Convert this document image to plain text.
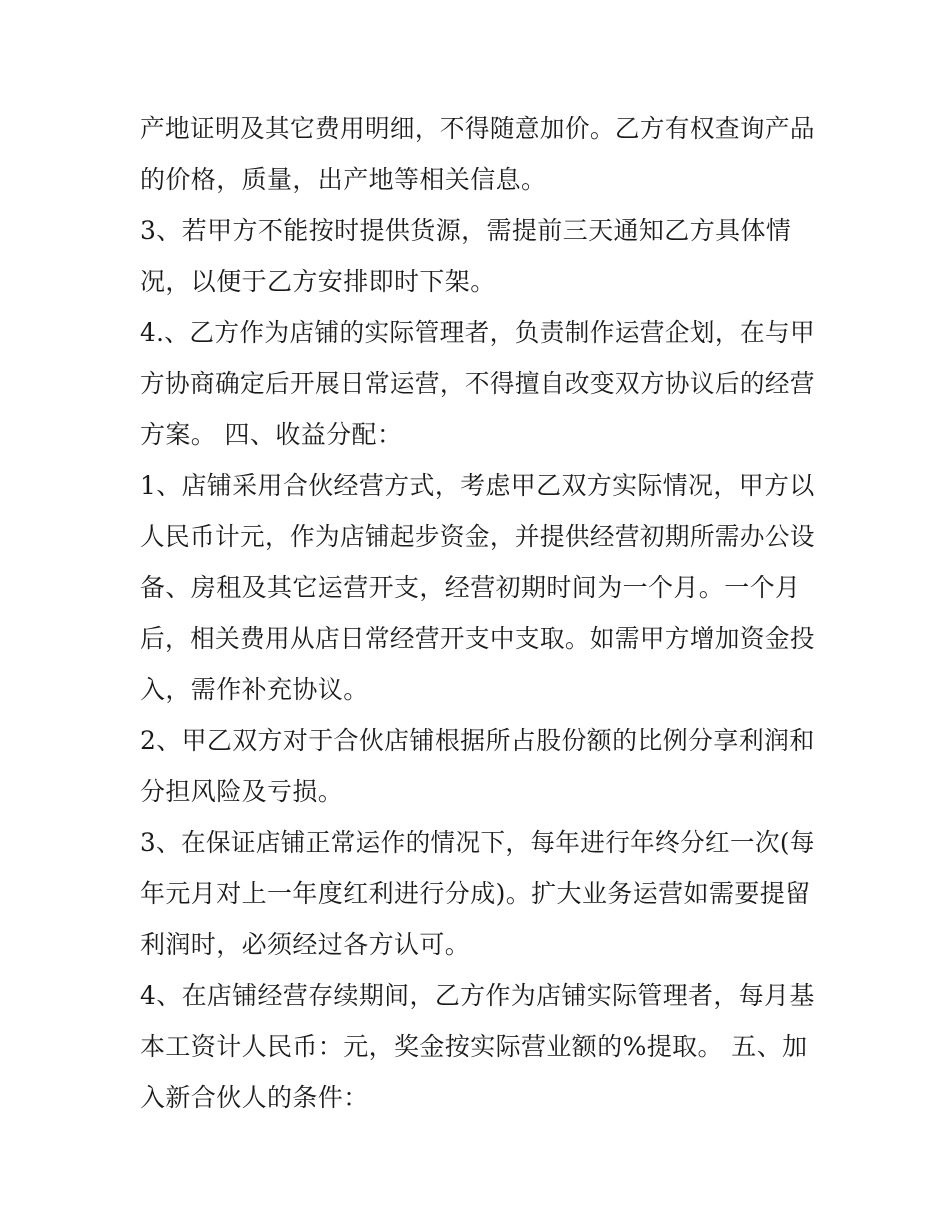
产地证明及其它费用明细，不得随意加价。乙方有权查询产品
的价格，质量，出产地等相关信息。
3、若甲方不能按时提供货源，需提前三天通知乙方具体情
况，以便于乙方安排即时下架。
4.、乙方作为店铺的实际管理者，负责制作运营企划，在与甲
方协商确定后开展日常运营，不得擅自改变双方协议后的经营
方案。 四、收益分配：
1、店铺采用合伙经营方式，考虑甲乙双方实际情况，甲方以
人民币计元，作为店铺起步资金，并提供经营初期所需办公设
备、房租及其它运营开支，经营初期时间为一个月。一个月
后，相关费用从店日常经营开支中支取。如需甲方增加资金投
入，需作补充协议。
2、甲乙双方对于合伙店铺根据所占股份额的比例分享利润和
分担风险及亏损。
3、在保证店铺正常运作的情况下，每年进行年终分红一次(每
年元月对上一年度红利进行分成)。扩大业务运营如需要提留
利润时，必须经过各方认可。
4、在店铺经营存续期间，乙方作为店铺实际管理者，每月基
本工资计人民币：元，奖金按实际营业额的%提取。 五、加
入新合伙人的条件：
